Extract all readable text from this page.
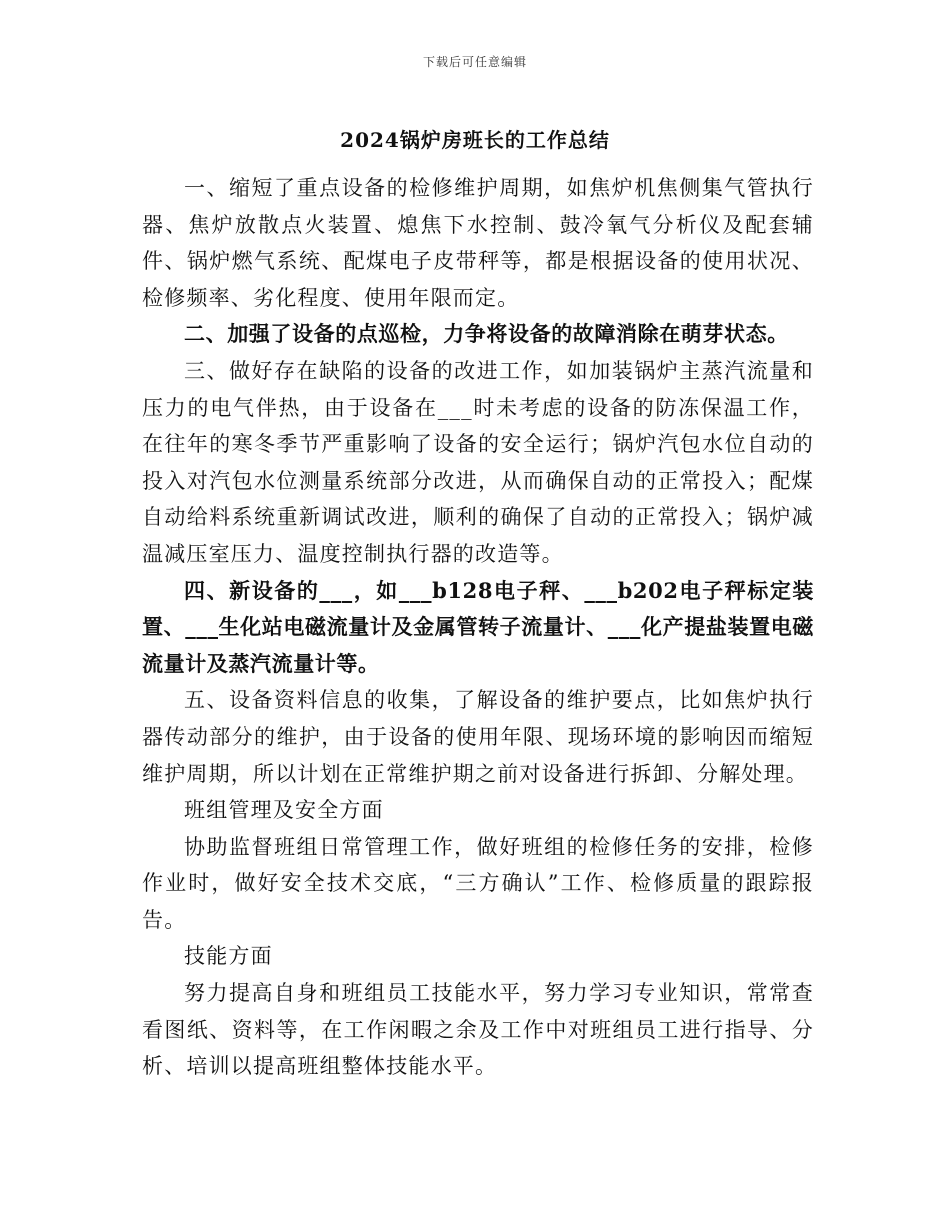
下载后可任意编辑
2024锅炉房班长的工作总结

一、缩短了重点设备的检修维护周期，如焦炉机焦侧集气管执行器、焦炉放散点火装置、熄焦下水控制、鼓冷氧气分析仪及配套辅件、锅炉燃气系统、配煤电子皮带秤等，都是根据设备的使用状况、检修频率、劣化程度、使用年限而定。

二、加强了设备的点巡检，力争将设备的故障消除在萌芽状态。

三、做好存在缺陷的设备的改进工作，如加装锅炉主蒸汽流量和压力的电气伴热，由于设备在___时未考虑的设备的防冻保温工作，在往年的寒冬季节严重影响了设备的安全运行；锅炉汽包水位自动的投入对汽包水位测量系统部分改进，从而确保自动的正常投入；配煤自动给料系统重新调试改进，顺利的确保了自动的正常投入；锅炉减温减压室压力、温度控制执行器的改造等。

四、新设备的___，如___b128电子秤、___b202电子秤标定装置、___生化站电磁流量计及金属管转子流量计、___化产提盐装置电磁流量计及蒸汽流量计等。

五、设备资料信息的收集，了解设备的维护要点，比如焦炉执行器传动部分的维护，由于设备的使用年限、现场环境的影响因而缩短维护周期，所以计划在正常维护期之前对设备进行拆卸、分解处理。

班组管理及安全方面

协助监督班组日常管理工作，做好班组的检修任务的安排，检修作业时，做好安全技术交底，“三方确认”工作、检修质量的跟踪报告。

技能方面

努力提高自身和班组员工技能水平，努力学习专业知识，常常查看图纸、资料等，在工作闲暇之余及工作中对班组员工进行指导、分析、培训以提高班组整体技能水平。
